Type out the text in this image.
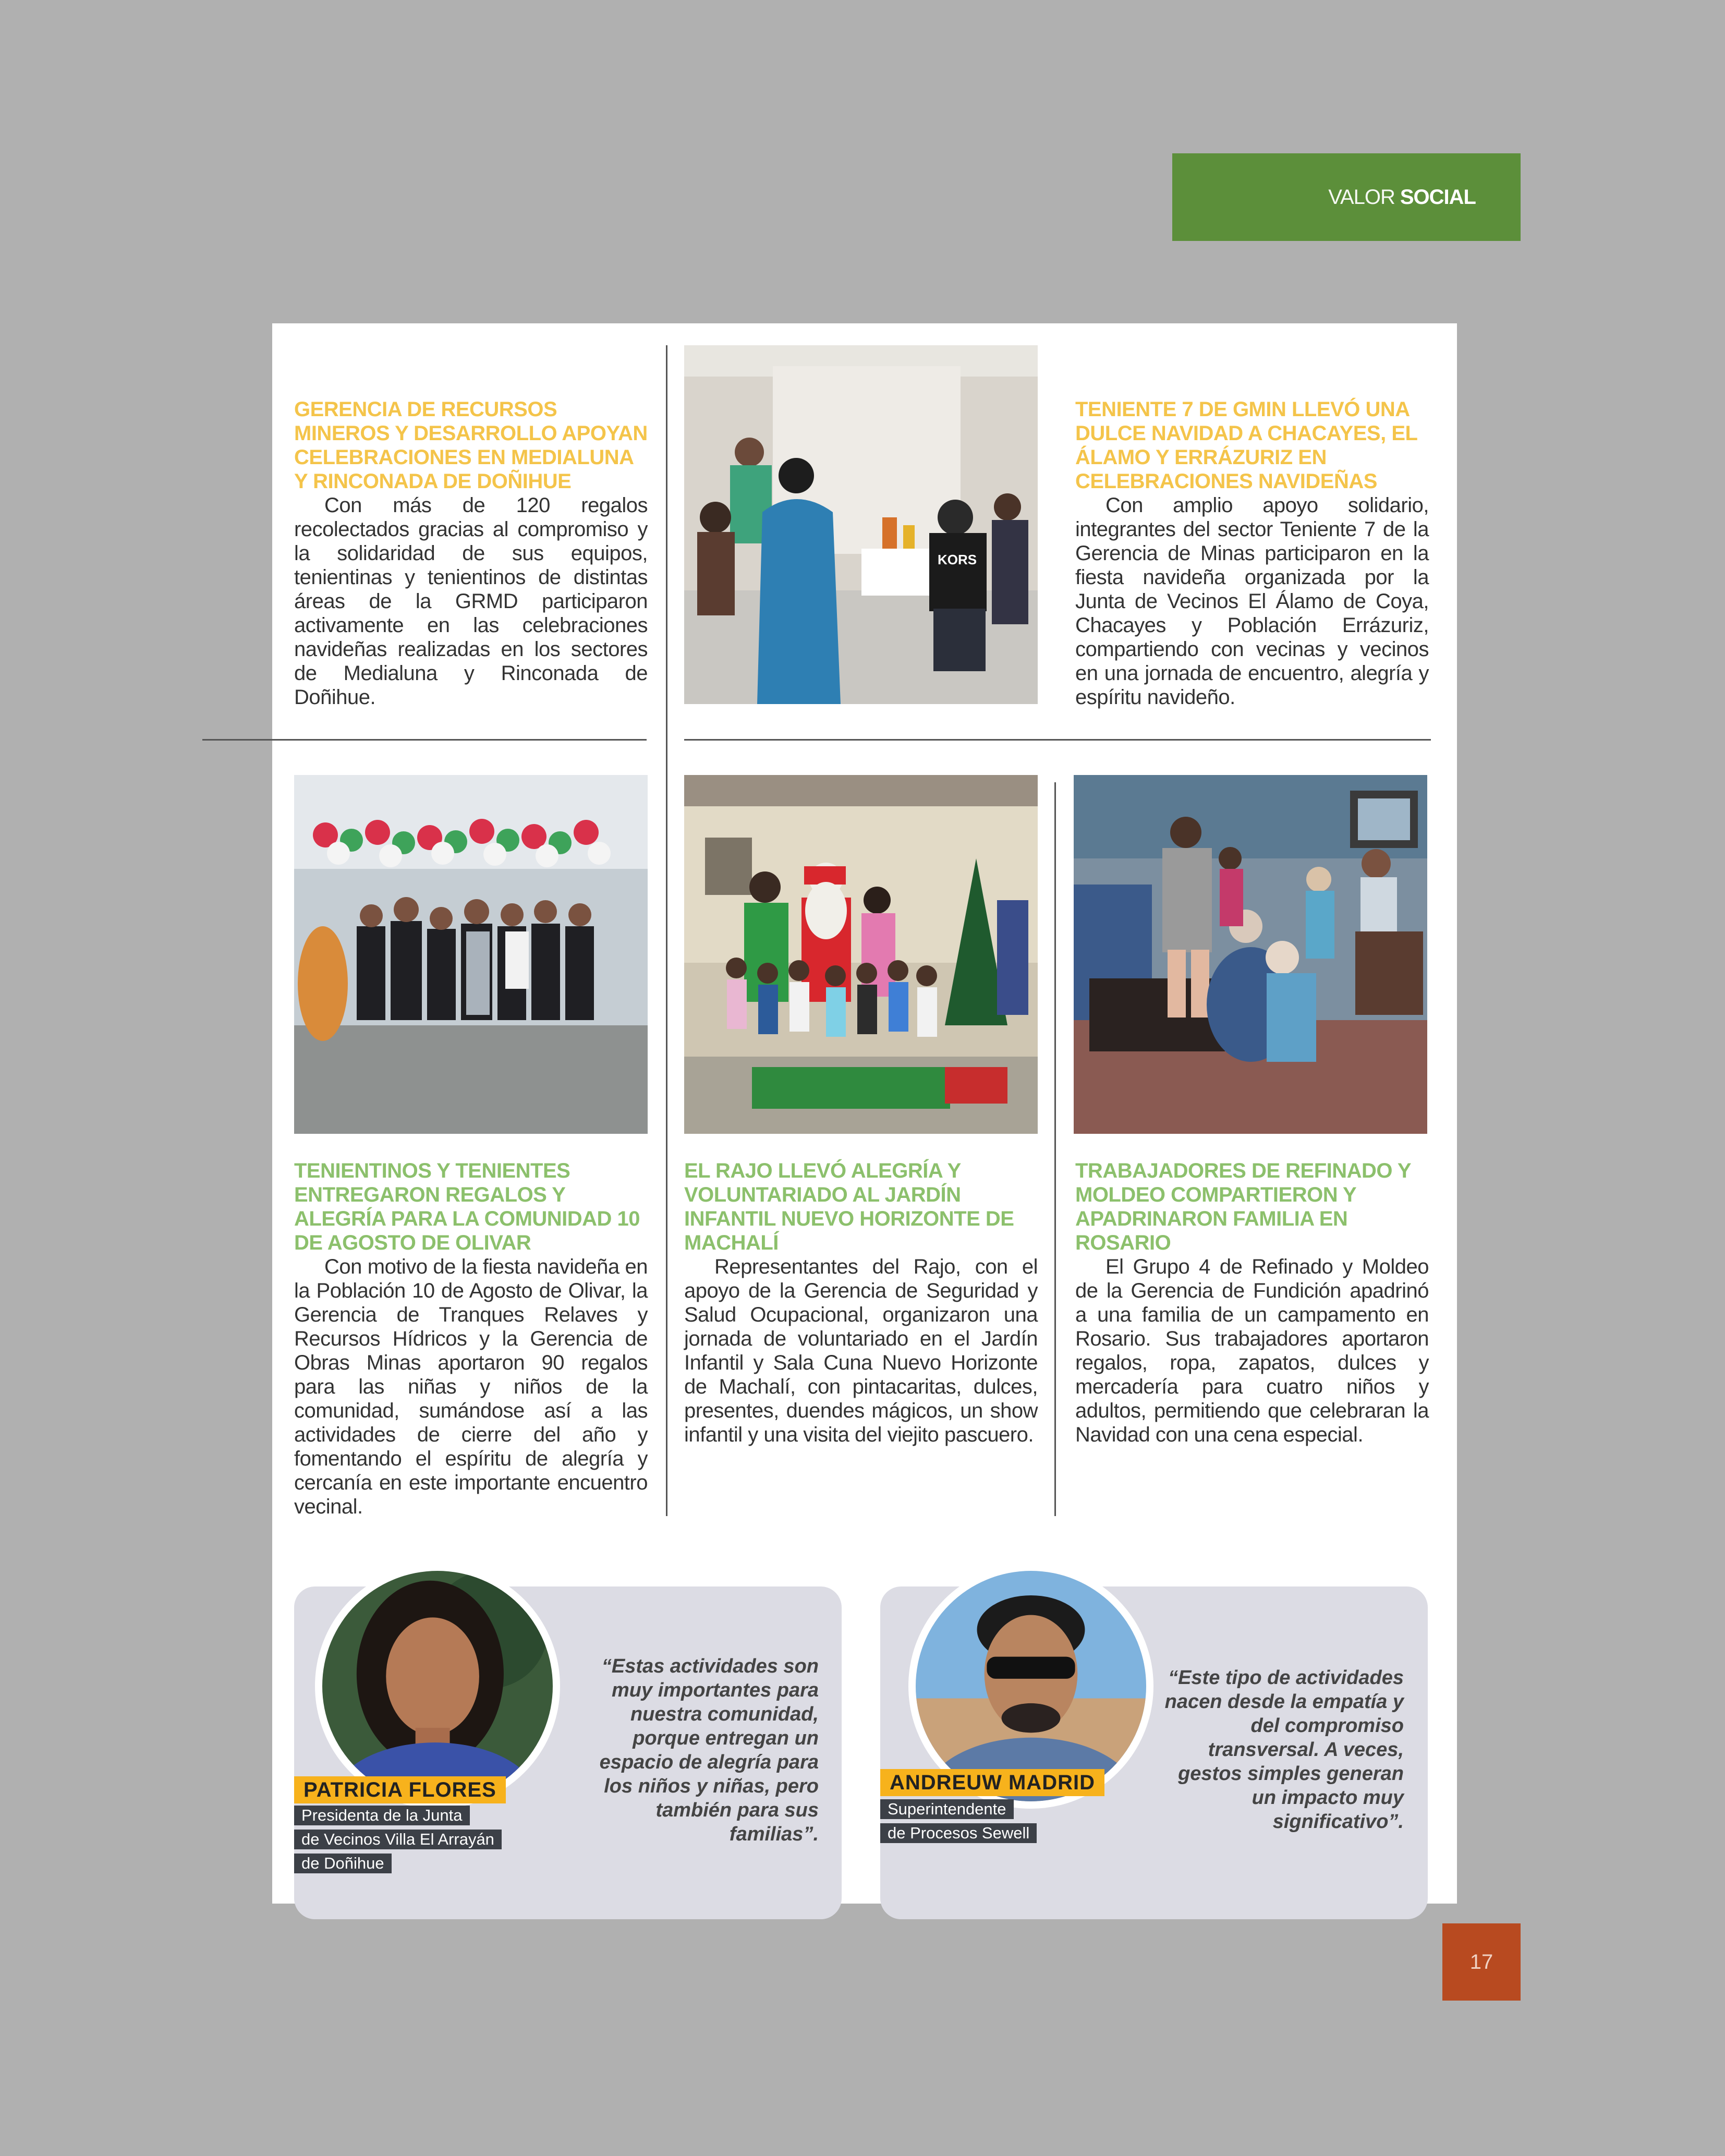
VALOR SOCIAL
GERENCIA DE RECURSOS MINEROS Y DESARROLLO APOYAN CELEBRACIONES EN MEDIALUNA Y RINCONADA DE DOÑIHUE

Con más de 120 regalos recolectados gracias al compromiso y la solidaridad de sus equipos, tenientinas y tenientinos de distintas áreas de la GRMD participaron activamente en las celebraciones navideñas realizadas en los sectores de Medialuna y Rinconada de Doñihue.

KORS
TENIENTE 7 DE GMIN LLEVÓ UNA DULCE NAVIDAD A CHACAYES, EL ÁLAMO Y ERRÁZURIZ EN CELEBRACIONES NAVIDEÑAS

Con amplio apoyo solidario, integrantes del sector Teniente 7 de la Gerencia de Minas participaron en la fiesta navideña organizada por la Junta de Vecinos El Álamo de Coya, Chacayes y Población Errázuriz, compartiendo con vecinas y vecinos en una jornada de encuentro, alegría y espíritu navideño.

TENIENTINOS Y TENIENTES ENTREGARON REGALOS Y ALEGRÍA PARA LA COMUNIDAD 10 DE AGOSTO DE OLIVAR

Con motivo de la fiesta navideña en la Población 10 de Agosto de Olivar, la Gerencia de Tranques Relaves y Recursos Hídricos y la Gerencia de Obras Minas aportaron 90 regalos para las niñas y niños de la comunidad, sumándose así a las actividades de cierre del año y fomentando el espíritu de alegría y cercanía en este importante encuentro vecinal.

EL RAJO LLEVÓ ALEGRÍA Y VOLUNTARIADO AL JARDÍN INFANTIL NUEVO HORIZONTE DE MACHALÍ

Representantes del Rajo, con el apoyo de la Gerencia de Seguridad y Salud Ocupacional, organizaron una jornada de voluntariado en el Jardín Infantil y Sala Cuna Nuevo Horizonte de Machalí, con pintacaritas, dulces, presentes, duendes mágicos, un show infantil y una visita del viejito pascuero.

TRABAJADORES DE REFINADO Y MOLDEO COMPARTIERON Y APADRINARON FAMILIA EN ROSARIO

El Grupo 4 de Refinado y Moldeo de la Gerencia de Fundición apadrinó a una familia de un campamento en Rosario. Sus trabajadores aportaron regalos, ropa, zapatos, dulces y mercadería para cuatro niños y adultos, permitiendo que celebraran la Navidad con una cena especial.

PATRICIA FLORES
Presidenta de la Junta
de Vecinos Villa El Arrayán
de Doñihue

“Estas actividades son muy importantes para nuestra comunidad, porque entregan un espacio de alegría para los niños y niñas, pero también para sus familias”.

ANDREUW MADRID
Superintendente
de Procesos Sewell

“Este tipo de actividades nacen desde la empatía y del compromiso transversal. A veces, gestos simples generan un impacto muy significativo”.

17
